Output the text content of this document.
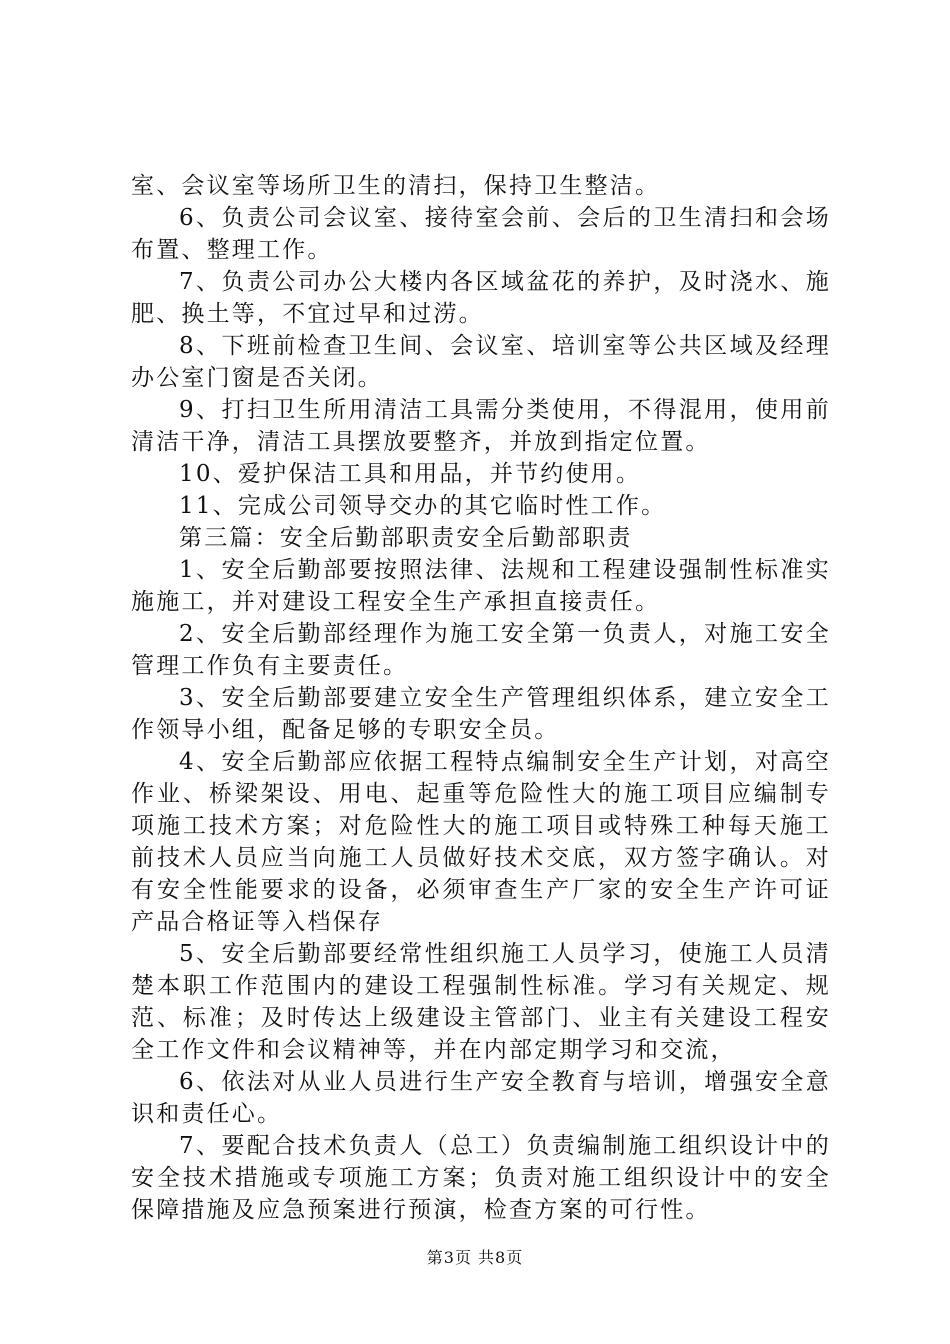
室、会议室等场所卫生的清扫，保持卫生整洁。

6、负责公司会议室、接待室会前、会后的卫生清扫和会场布置、整理工作。

7、负责公司办公大楼内各区域盆花的养护，及时浇水、施肥、换土等，不宜过早和过涝。

8、下班前检查卫生间、会议室、培训室等公共区域及经理办公室门窗是否关闭。

9、打扫卫生所用清洁工具需分类使用，不得混用，使用前清洁干净，清洁工具摆放要整齐，并放到指定位置。

10、爱护保洁工具和用品，并节约使用。

11、完成公司领导交办的其它临时性工作。

第三篇：安全后勤部职责安全后勤部职责

1、安全后勤部要按照法律、法规和工程建设强制性标准实施施工，并对建设工程安全生产承担直接责任。

2、安全后勤部经理作为施工安全第一负责人，对施工安全管理工作负有主要责任。

3、安全后勤部要建立安全生产管理组织体系，建立安全工作领导小组，配备足够的专职安全员。

4、安全后勤部应依据工程特点编制安全生产计划，对高空作业、桥梁架设、用电、起重等危险性大的施工项目应编制专项施工技术方案；对危险性大的施工项目或特殊工种每天施工前技术人员应当向施工人员做好技术交底，双方签字确认。对有安全性能要求的设备，必须审查生产厂家的安全生产许可证产品合格证等入档保存

5、安全后勤部要经常性组织施工人员学习，使施工人员清楚本职工作范围内的建设工程强制性标准。学习有关规定、规范、标准；及时传达上级建设主管部门、业主有关建设工程安全工作文件和会议精神等，并在内部定期学习和交流，

6、依法对从业人员进行生产安全教育与培训，增强安全意识和责任心。

7、要配合技术负责人（总工）负责编制施工组织设计中的安全技术措施或专项施工方案；负责对施工组织设计中的安全保障措施及应急预案进行预演，检查方案的可行性。

第3页 共8页
